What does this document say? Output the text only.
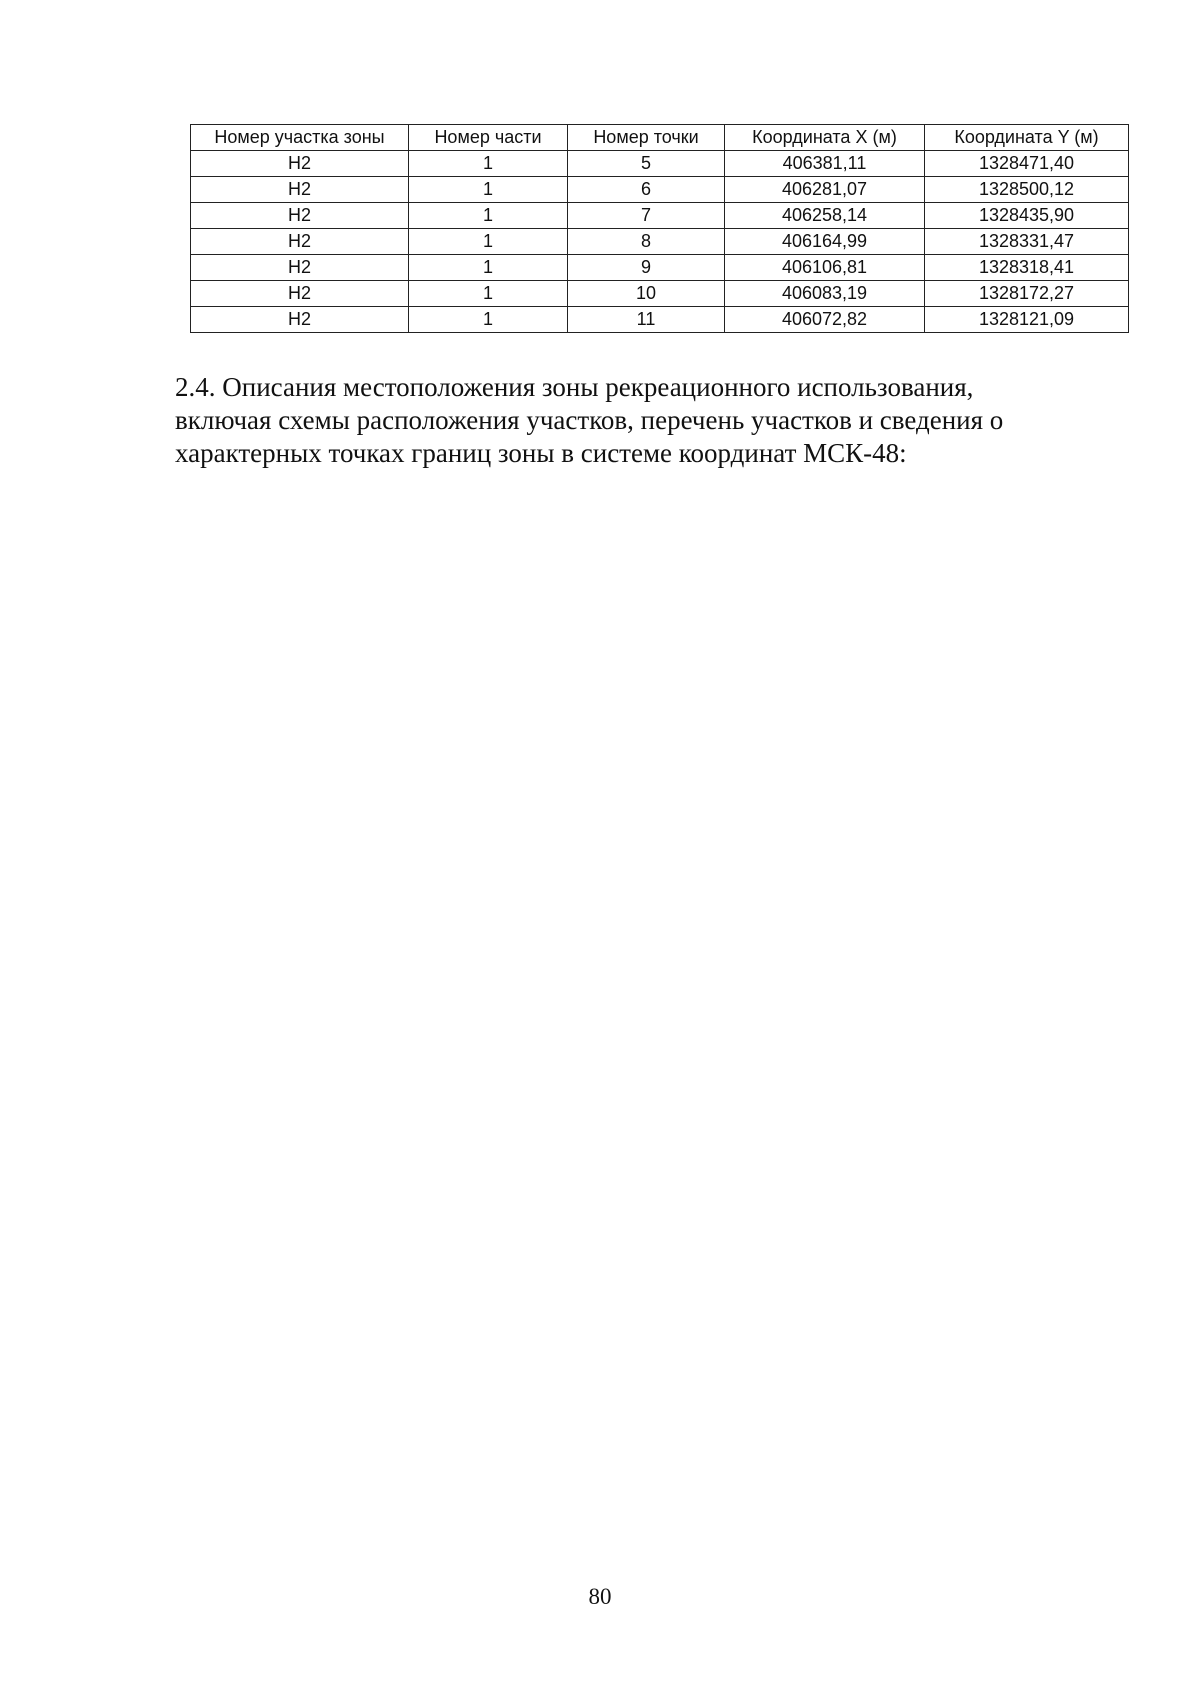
Номер участка зоны	Номер части	Номер точки	Координата X (м)	Координата Y (м)
Н2	1	5	406381,11	1328471,40
Н2	1	6	406281,07	1328500,12
Н2	1	7	406258,14	1328435,90
Н2	1	8	406164,99	1328331,47
Н2	1	9	406106,81	1328318,41
Н2	1	10	406083,19	1328172,27
Н2	1	11	406072,82	1328121,09

2.4. Описания местоположения зоны рекреационного использования,
включая схемы расположения участков, перечень участков и сведения о
характерных точках границ зоны в системе координат МСК-48:

80
